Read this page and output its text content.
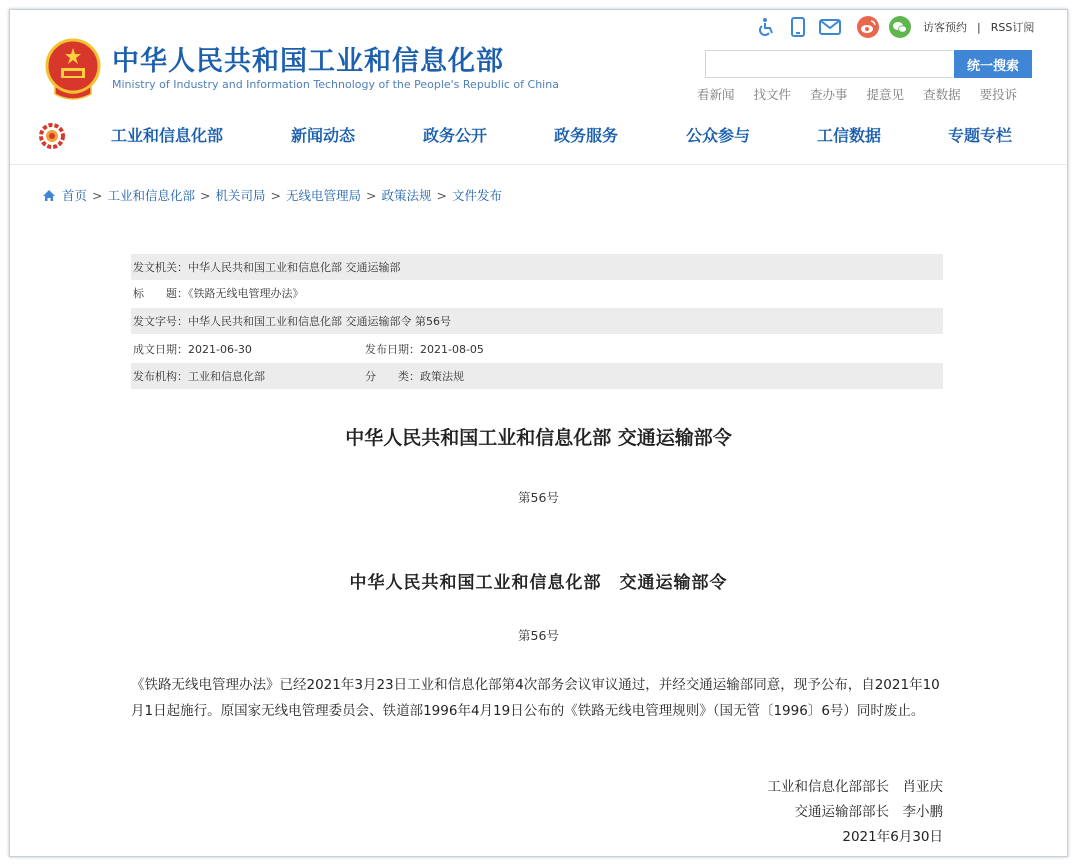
中华人民共和国工业和信息化部
Ministry of Industry and Information Technology of the People's Republic of China
访客预约 | RSS订阅
统一搜索
看新闻 找文件 查办事 提意见 查数据 要投诉
工业和信息化部	新闻动态	政务公开	政务服务	公众参与	工信数据	专题专栏
首页 > 工业和信息化部 > 机关司局 > 无线电管理局 > 政策法规 > 文件发布
发文机关：中华人民共和国工业和信息化部 交通运输部
标　　题：《铁路无线电管理办法》
发文字号：中华人民共和国工业和信息化部 交通运输部令 第56号
成文日期：2021-06-30	发布日期：2021-08-05
发布机构：工业和信息化部	分　　类：政策法规
中华人民共和国工业和信息化部 交通运输部令
第56号
中华人民共和国工业和信息化部　交通运输部令
第56号
《铁路无线电管理办法》已经2021年3月23日工业和信息化部第4次部务会议审议通过，并经交通运输部同意，现予公布，自2021年10月1日起施行。原国家无线电管理委员会、铁道部1996年4月19日公布的《铁路无线电管理规则》（国无管〔1996〕6号）同时废止。
工业和信息化部部长　肖亚庆
交通运输部部长　李小鹏
2021年6月30日
